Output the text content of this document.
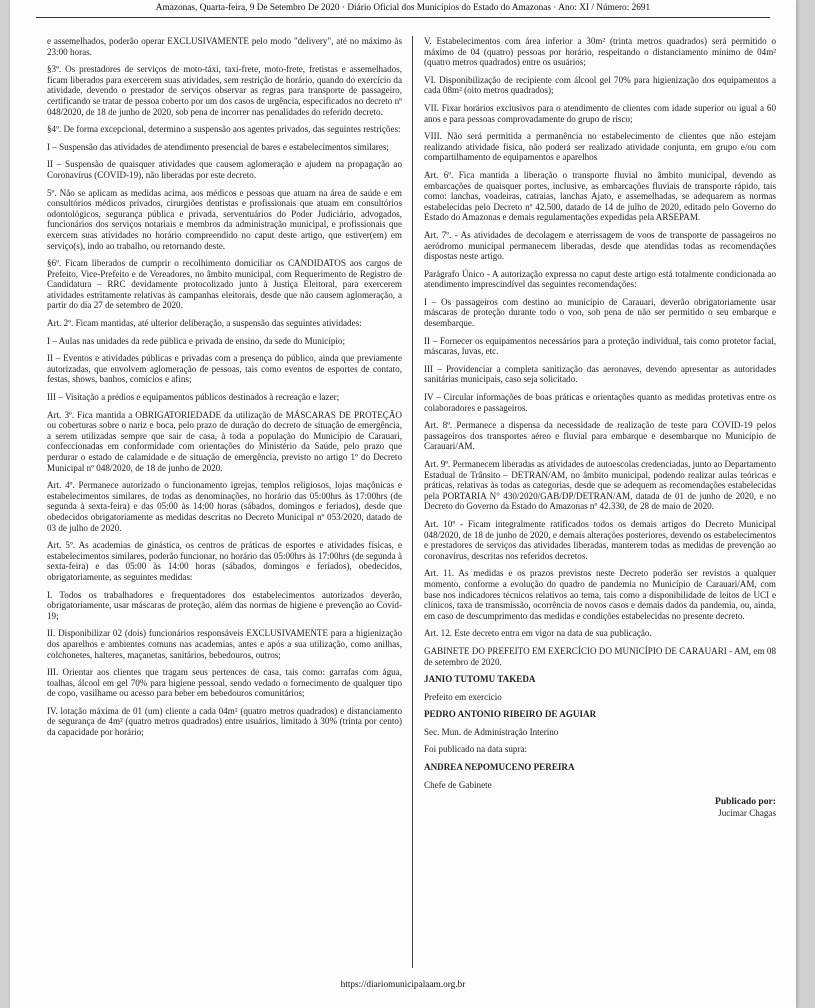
Amazonas, Quarta-feira, 9 De Setembro De 2020 · Diário Oficial dos Municípios do Estado do Amazonas · Ano: XI / Número: 2691

e assemelhados, poderão operar EXCLUSIVAMENTE pelo modo "delivery", até no máximo às 23:00 horas.

§3º. Os prestadores de serviços de moto-táxi, taxi-frete, moto-frete, fretistas e assemelhados, ficam liberados para exercerem suas atividades, sem restrição de horário, quando do exercício da atividade, devendo o prestador de serviços observar as regras para transporte de passageiro, certificando se tratar de pessoa coberto por um dos casos de urgência, especificados no decreto nº 048/2020, de 18 de junho de 2020, sob pena de incorrer nas penalidades do referido decreto.

§4º. De forma excepcional, determino a suspensão aos agentes privados, das seguintes restrições:

I – Suspensão das atividades de atendimento presencial de bares e estabelecimentos similares;

II – Suspensão de quaisquer atividades que causem aglomeração e ajudem na propagação ao Coronavírus (COVID-19), não liberadas por este decreto.

5º. Não se aplicam as medidas acima, aos médicos e pessoas que atuam na área de saúde e em consultórios médicos privados, cirurgiões dentistas e profissionais que atuam em consultórios odontológicos, segurança pública e privada, serventuários do Poder Judiciário, advogados, funcionários dos serviços notariais e membros da administração municipal, e profissionais que exercem suas atividades no horário compreendido no caput deste artigo, que estiver(em) em serviço(s), indo ao trabalho, ou retornando deste.

§6º. Ficam liberados de cumprir o recolhimento domiciliar os CANDIDATOS aos cargos de Prefeito, Vice-Prefeito e de Vereadores, no âmbito municipal, com Requerimento de Registro de Candidatura – RRC devidamente protocolizado junto à Justiça Eleitoral, para exercerem atividades estritamente relativas às campanhas eleitorais, desde que não causem aglomeração, a partir do dia 27 de setembro de 2020.

Art. 2º. Ficam mantidas, até ulterior deliberação, a suspensão das seguintes atividades:

I – Aulas nas unidades da rede pública e privada de ensino, da sede do Município;

II – Eventos e atividades públicas e privadas com a presença do público, ainda que previamente autorizadas, que envolvem aglomeração de pessoas, tais como eventos de esportes de contato, festas, shows, banhos, comícios e afins;

III – Visitação a prédios e equipamentos públicos destinados à recreação e lazer;

Art. 3º. Fica mantida a OBRIGATORIEDADE da utilização de MÁSCARAS DE PROTEÇÃO ou coberturas sobre o nariz e boca, pelo prazo de duração do decreto de situação de emergência, a serem utilizadas sempre que sair de casa, à toda a população do Município de Carauari, confeccionadas em conformidade com orientações do Ministério da Saúde, pelo prazo que perdurar o estado de calamidade e de situação de emergência, previsto no artigo 1º do Decreto Municipal nº 048/2020, de 18 de junho de 2020.

Art. 4º. Permanece autorizado o funcionamento igrejas, templos religiosos, lojas maçônicas e estabelecimentos similares, de todas as denominações, no horário das 05:00hrs às 17:00hrs (de segunda à sexta-feira) e das 05:00 às 14:00 horas (sábados, domingos e feriados), desde que obedecidos obrigatoriamente as medidas descritas no Decreto Municipal nº 053/2020, datado de 03 de julho de 2020.

Art. 5º. As academias de ginástica, os centros de práticas de esportes e atividades físicas, e estabelecimentos similares, poderão funcionar, no horário das 05:00hrs às 17:00hrs (de segunda à sexta-feira) e das 05:00 às 14:00 horas (sábados, domingos e feriados), obedecidos, obrigatoriamente, as seguintes medidas:

I. Todos os trabalhadores e frequentadores dos estabelecimentos autorizados deverão, obrigatoriamente, usar máscaras de proteção, além das normas de higiene e prevenção ao Covid-19;

II. Disponibilizar 02 (dois) funcionários responsáveis EXCLUSIVAMENTE para a higienização dos aparelhos e ambientes comuns nas academias, antes e após a sua utilização, como anilhas, colchonetes, halteres, maçanetas, sanitários, bebedouros, outros;

III. Orientar aos clientes que tragam seus pertences de casa, tais como: garrafas com água, toalhas, álcool em gel 70% para higiene pessoal, sendo vedado o fornecimento de qualquer tipo de copo, vasilhame ou acesso para beber em bebedouros comunitários;

IV. lotação máxima de 01 (um) cliente a cada 04m² (quatro metros quadrados) e distanciamento de segurança de 4m² (quatro metros quadrados) entre usuários, limitado à 30% (trinta por cento) da capacidade por horário;

V. Estabelecimentos com área inferior a 30m² (trinta metros quadrados) será permitido o máximo de 04 (quatro) pessoas por horário, respeitando o distanciamento mínimo de 04m² (quatro metros quadrados) entre os usuários;

VI. Disponibilização de recipiente com álcool gel 70% para higienização dos equipamentos a cada 08m² (oito metros quadrados);

VII. Fixar horários exclusivos para o atendimento de clientes com idade superior ou igual a 60 anos e para pessoas comprovadamente do grupo de risco;

VIII. Não será permitida a permanência no estabelecimento de clientes que não estejam realizando atividade física, não poderá ser realizado atividade conjunta, em grupo e/ou com compartilhamento de equipamentos e aparelhos

Art. 6º. Fica mantida a liberação o transporte fluvial no âmbito municipal, devendo as embarcações de quaisquer portes, inclusive, as embarcações fluviais de transporte rápido, tais como: lanchas, voadeiras, catraias, lanchas Ajato, e assemelhadas, se adequarem as normas estabelecidas pelo Decreto nº 42.500, datado de 14 de julho de 2020, editado pelo Governo do Estado do Amazonas e demais regulamentações expedidas pela ARSEPAM.

Art. 7º. - As atividades de decolagem e aterrissagem de voos de transporte de passageiros no aeródromo municipal permanecem liberadas, desde que atendidas todas as recomendações dispostas neste artigo.

Parágrafo Único - A autorização expressa no caput deste artigo está totalmente condicionada ao atendimento imprescindível das seguintes recomendações:

I – Os passageiros com destino ao município de Carauari, deverão obrigatoriamente usar máscaras de proteção durante todo o voo, sob pena de não ser permitido o seu embarque e desembarque.

II – Fornecer os equipamentos necessários para a proteção individual, tais como protetor facial, máscaras, luvas, etc.

III – Providenciar a completa sanitização das aeronaves, devendo apresentar as autoridades sanitárias municipais, caso seja solicitado.

IV – Circular informações de boas práticas e orientações quanto as medidas protetivas entre os colaboradores e passageiros.

Art. 8º. Permanece a dispensa da necessidade de realização de teste para COVID-19 pelos passageiros dos transportes aéreo e fluvial para embarque e desembarque no Município de Carauari/AM.

Art. 9º. Permanecem liberadas as atividades de autoescolas credenciadas, junto ao Departamento Estadual de Trânsito – DETRAN/AM, no âmbito municipal, podendo realizar aulas teóricas e práticas, relativas às todas as categorias, desde que se adequem as recomendações estabelecidas pela PORTARIA N° 430/2020/GAB/DP/DETRAN/AM, datada de 01 de junho de 2020, e no Decreto do Governo da Estado do Amazonas nº 42.330, de 28 de maio de 2020.

Art. 10º - Ficam integralmente ratificados todos os demais artigos do Decreto Municipal 048/2020, de 18 de junho de 2020, e demais alterações posteriores, devendo os estabelecimentos e prestadores de serviços das atividades liberadas, manterem todas as medidas de prevenção ao coronavírus, descritas nos referidos decretos.

Art. 11. As medidas e os prazos previstos neste Decreto poderão ser revistos a qualquer momento, conforme a evolução do quadro de pandemia no Município de Carauari/AM, com base nos indicadores técnicos relativos ao tema, tais como a disponibilidade de leitos de UCI e clínicos, taxa de transmissão, ocorrência de novos casos e demais dados da pandemia, ou, ainda, em caso de descumprimento das medidas e condições estabelecidas no presente decreto.

Art. 12. Este decreto entra em vigor na data de sua publicação.

GABINETE DO PREFEITO EM EXERCÍCIO DO MUNICÍPIO DE CARAUARI - AM, em 08 de setembro de 2020.

JANIO TUTOMU TAKEDA

Prefeito em exercício

PEDRO ANTONIO RIBEIRO DE AGUIAR

Sec. Mun. de Administração Interino

Foi publicado na data supra:

ANDREA NEPOMUCENO PEREIRA

Chefe de Gabinete

Publicado por:
Jucimar Chagas
https://diariomunicipalaam.org.br
